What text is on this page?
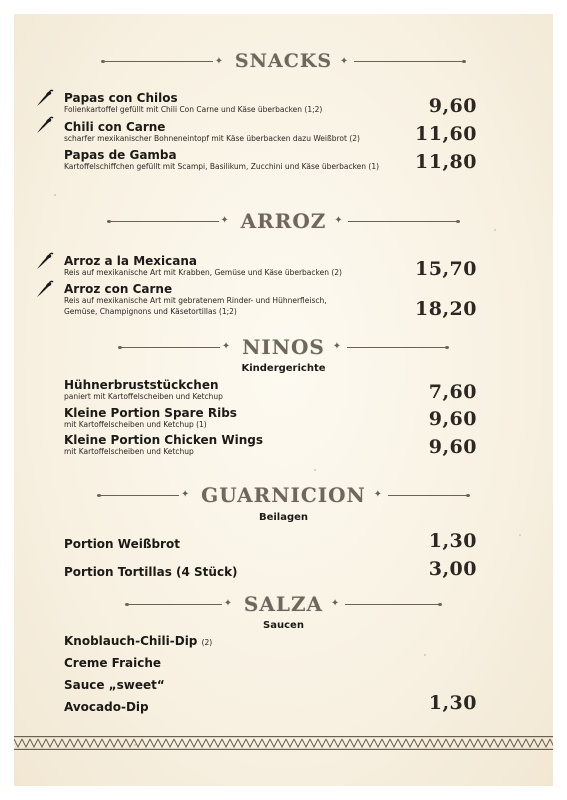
✦ SNACKS ✦
Papas con Chilos
Folienkartoffel gefüllt mit Chili Con Carne und Käse überbacken (1;2)	9,60
Chili con Carne
scharfer mexikanischer Bohneneintopf mit Käse überbacken dazu Weißbrot (2)	11,60
Papas de Gamba
Kartoffelschiffchen gefüllt mit Scampi, Basilikum, Zucchini und Käse überbacken (1) 11,80
✦ ARROZ ✦
Arroz a la Mexicana
Reis auf mexikanische Art mit Krabben, Gemüse und Käse überbacken (2)	15,70
Arroz con Carne
Reis auf mexikanische Art mit gebratenem Rinder- und Hühnerfleisch,
Gemüse, Champignons und Käsetortillas (1;2)	18,20
✦ NINOS ✦
Kindergerichte
Hühnerbruststückchen
paniert mit Kartoffelscheiben und Ketchup	7,60
Kleine Portion Spare Ribs
mit Kartoffelscheiben und Ketchup (1)	9,60
Kleine Portion Chicken Wings
mit Kartoffelscheiben und Ketchup	9,60
✦ GUARNICION ✦
Beilagen
Portion Weißbrot	1,30
Portion Tortillas (4 Stück)	3,00
✦ SALZA ✦
Saucen
Knoblauch-Chili-Dip (2)
Creme Fraiche
Sauce „sweet“
Avocado-Dip	1,30
